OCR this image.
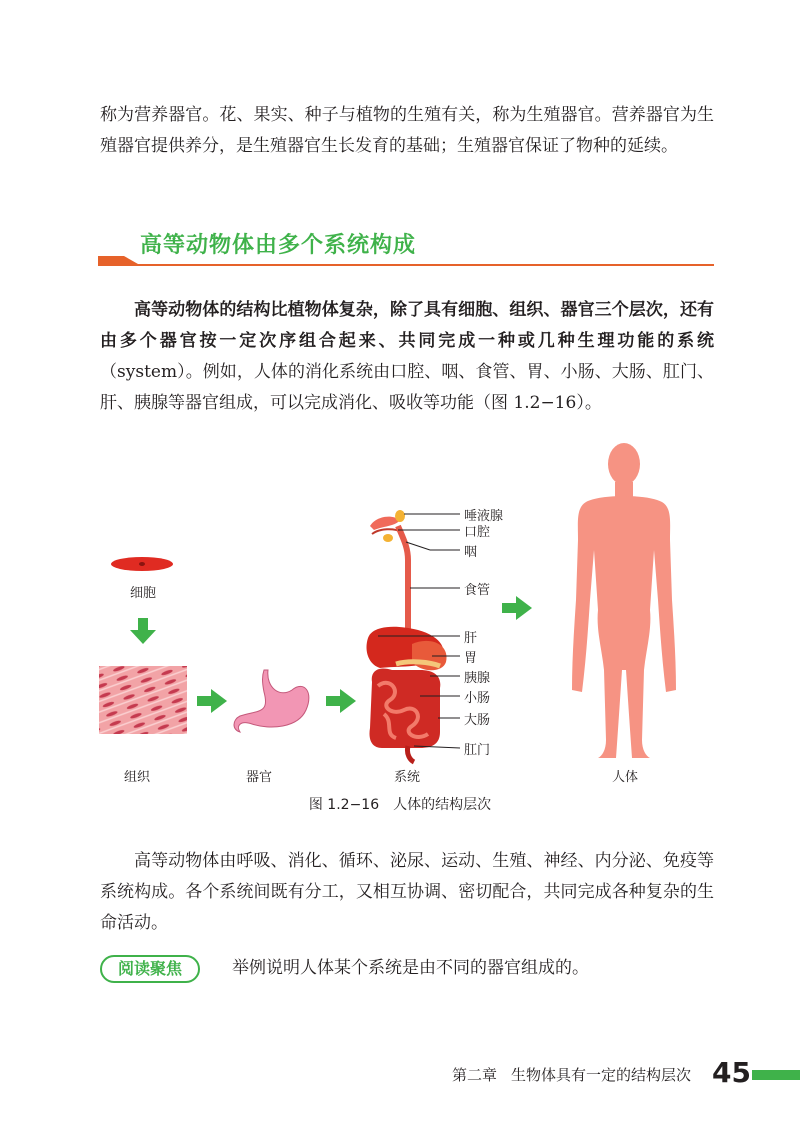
称为营养器官。花、果实、种子与植物的生殖有关，称为生殖器官。营养器官为生殖器官提供养分，是生殖器官生长发育的基础；生殖器官保证了物种的延续。

高等动物体由多个系统构成

高等动物体的结构比植物体复杂，除了具有细胞、组织、器官三个层次，还有由多个器官按一定次序组合起来、共同完成一种或几种生理功能的系统（system）。例如，人体的消化系统由口腔、咽、食管、胃、小肠、大肠、肛门、肝、胰腺等器官组成，可以完成消化、吸收等功能（图 1.2−16）。

细胞
组织	器官	系统	人体
唾液腺
口腔
咽
食管
肝
胃
胰腺
小肠
大肠
肛门
图 1.2−16 人体的结构层次

高等动物体由呼吸、消化、循环、泌尿、运动、生殖、神经、内分泌、免疫等系统构成。各个系统间既有分工，又相互协调、密切配合，共同完成各种复杂的生命活动。

阅读聚焦	举例说明人体某个系统是由不同的器官组成的。
第二章 生物体具有一定的结构层次 45
